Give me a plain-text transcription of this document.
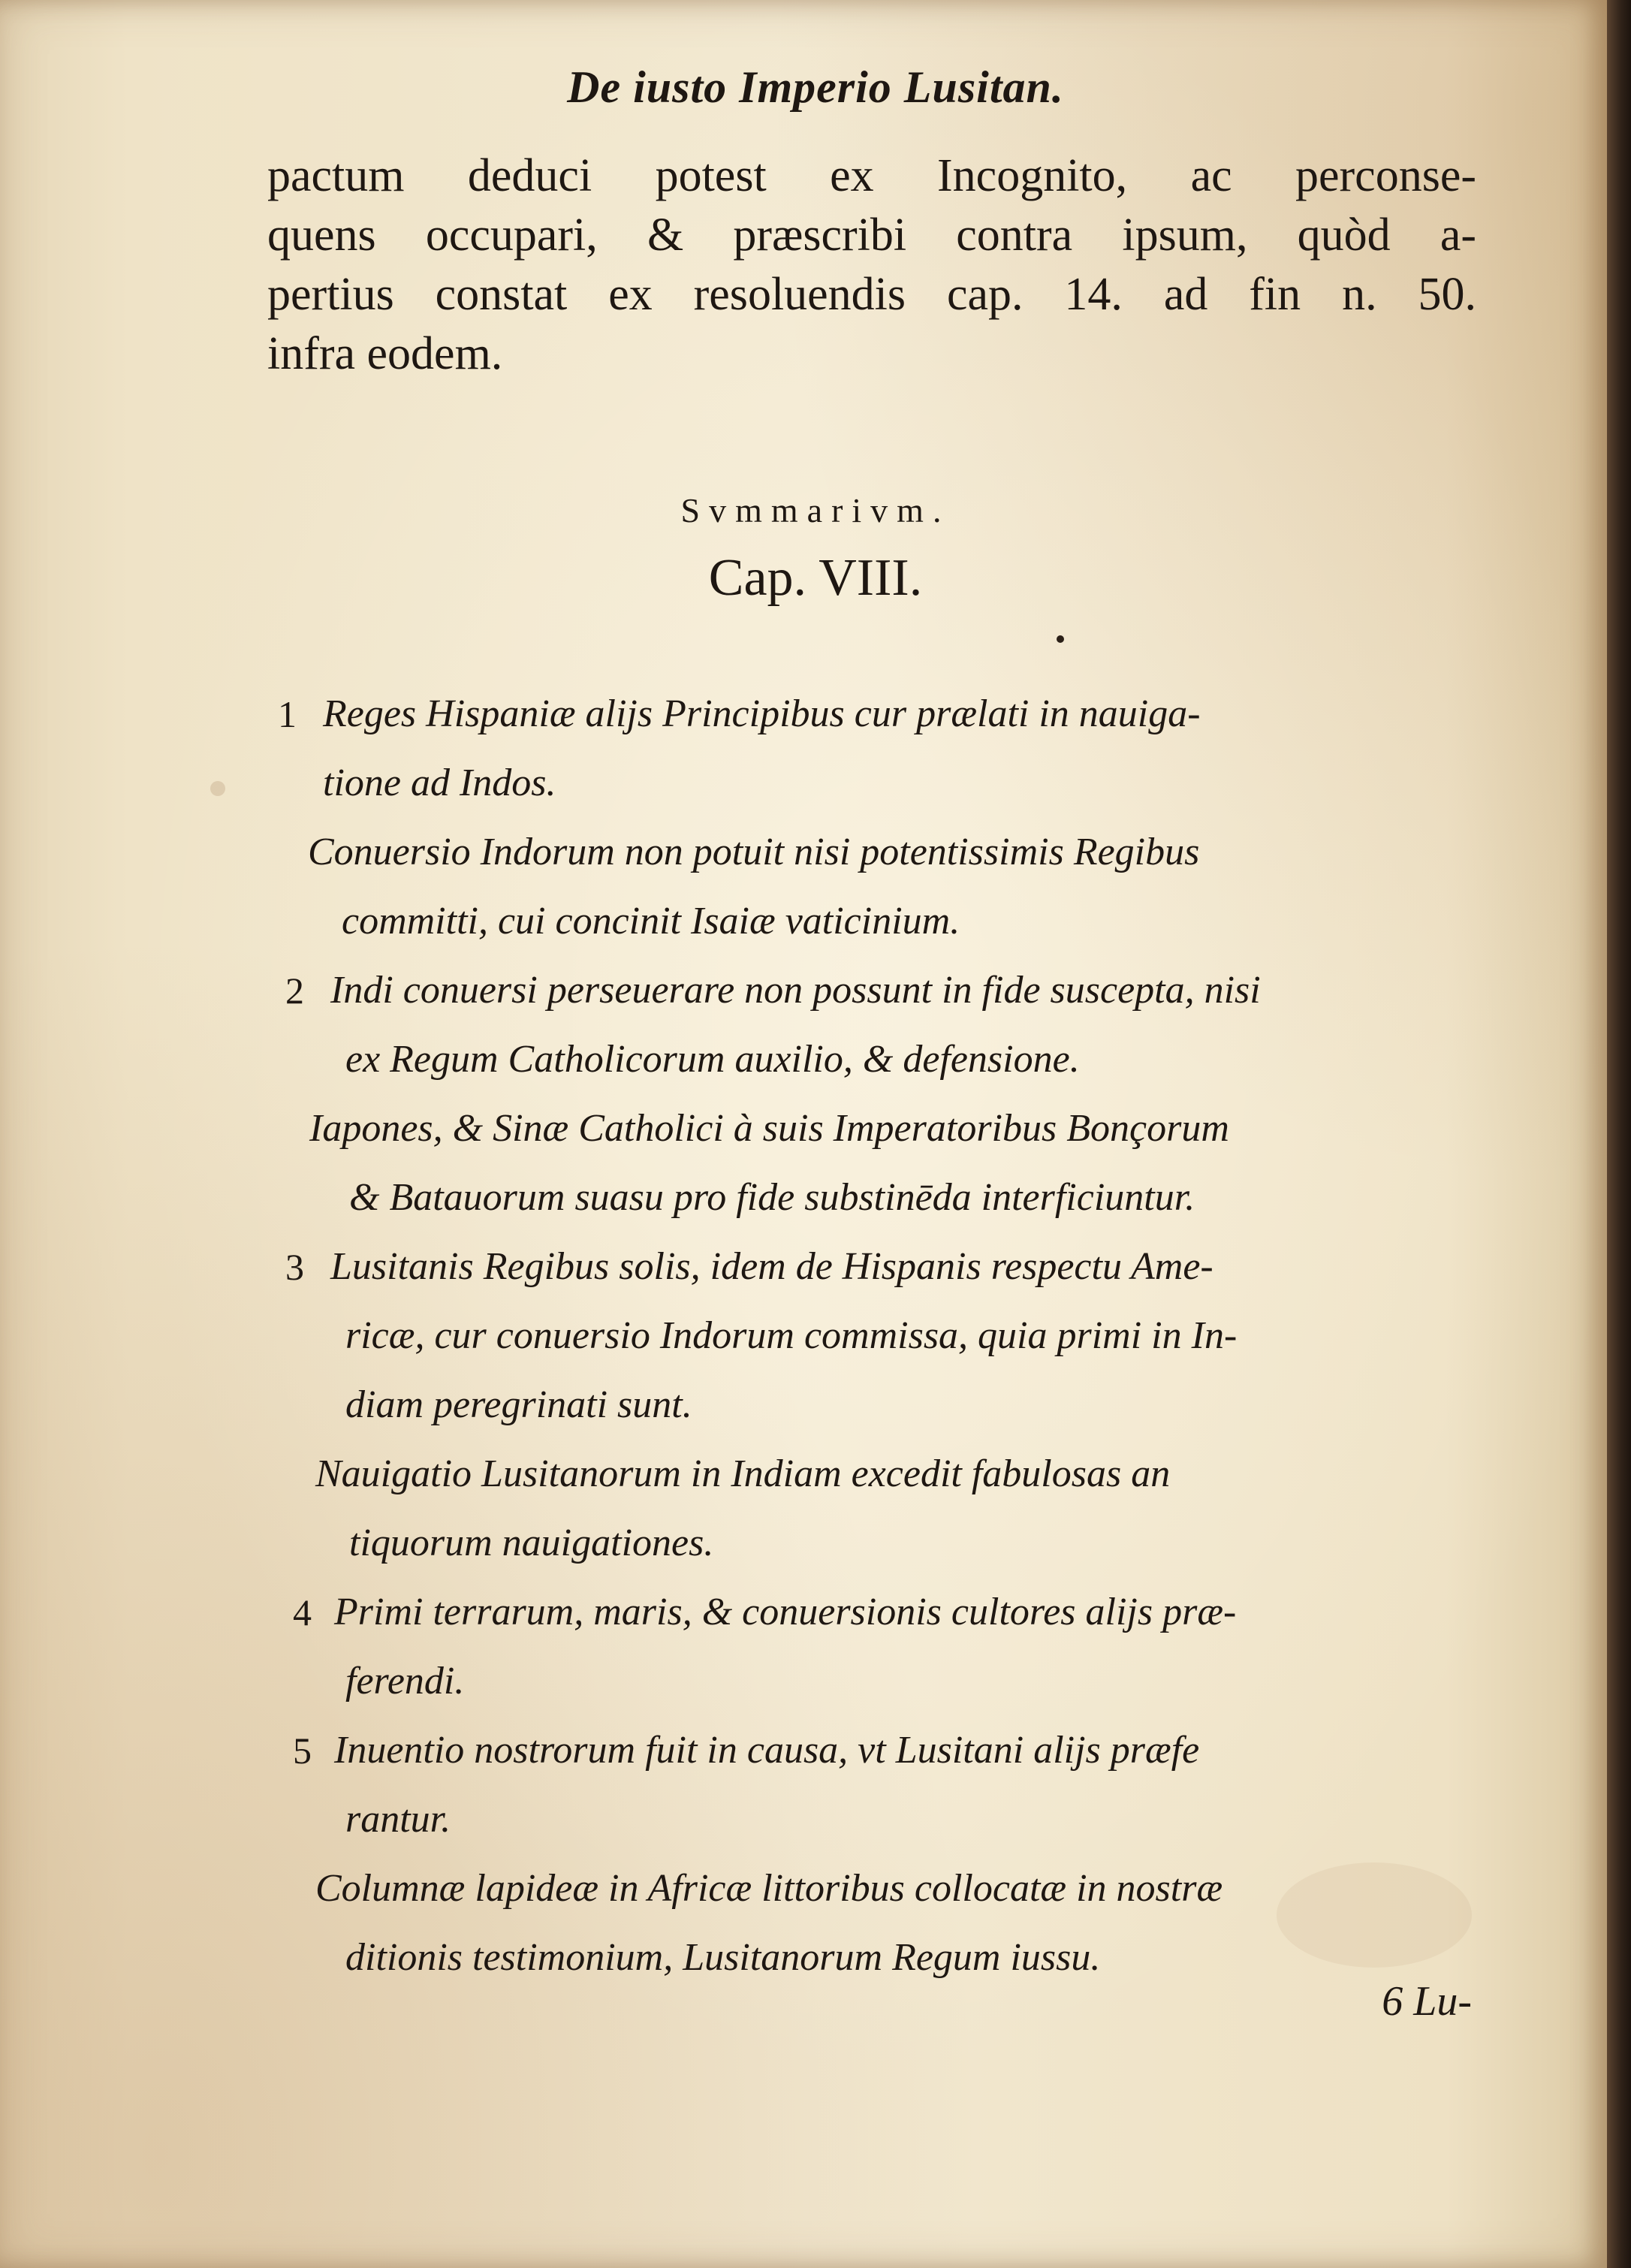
De iusto Imperio Lusitan.
pactum deduci potest ex Incognito, ac perconse-
quens occupari, & præscribi contra ipsum, quòd a-
pertius constat ex resoluendis cap. 14. ad fin n. 50.
infra eodem.
Svmmarivm.
Cap. VIII.
1 Reges Hispaniæ alijs Principibus cur prælati in nauiga-
tione ad Indos.
Conuersio Indorum non potuit nisi potentissimis Regibus
committi, cui concinit Isaiæ vaticinium.
2 Indi conuersi perseuerare non possunt in fide suscepta, nisi
ex Regum Catholicorum auxilio, & defensione.
Iapones, & Sinæ Catholici à suis Imperatoribus Bonçorum
& Batauorum suasu pro fide substinēda interficiuntur.
3 Lusitanis Regibus solis, idem de Hispanis respectu Ame-
ricæ, cur conuersio Indorum commissa, quia primi in In-
diam peregrinati sunt.
Nauigatio Lusitanorum in Indiam excedit fabulosas an
tiquorum nauigationes.
4 Primi terrarum, maris, & conuersionis cultores alijs præ-
ferendi.
5 Inuentio nostrorum fuit in causa, vt Lusitani alijs præfe
rantur.
Columnæ lapideæ in Africæ littoribus collocatæ in nostræ
ditionis testimonium, Lusitanorum Regum iussu.
6 Lu-
